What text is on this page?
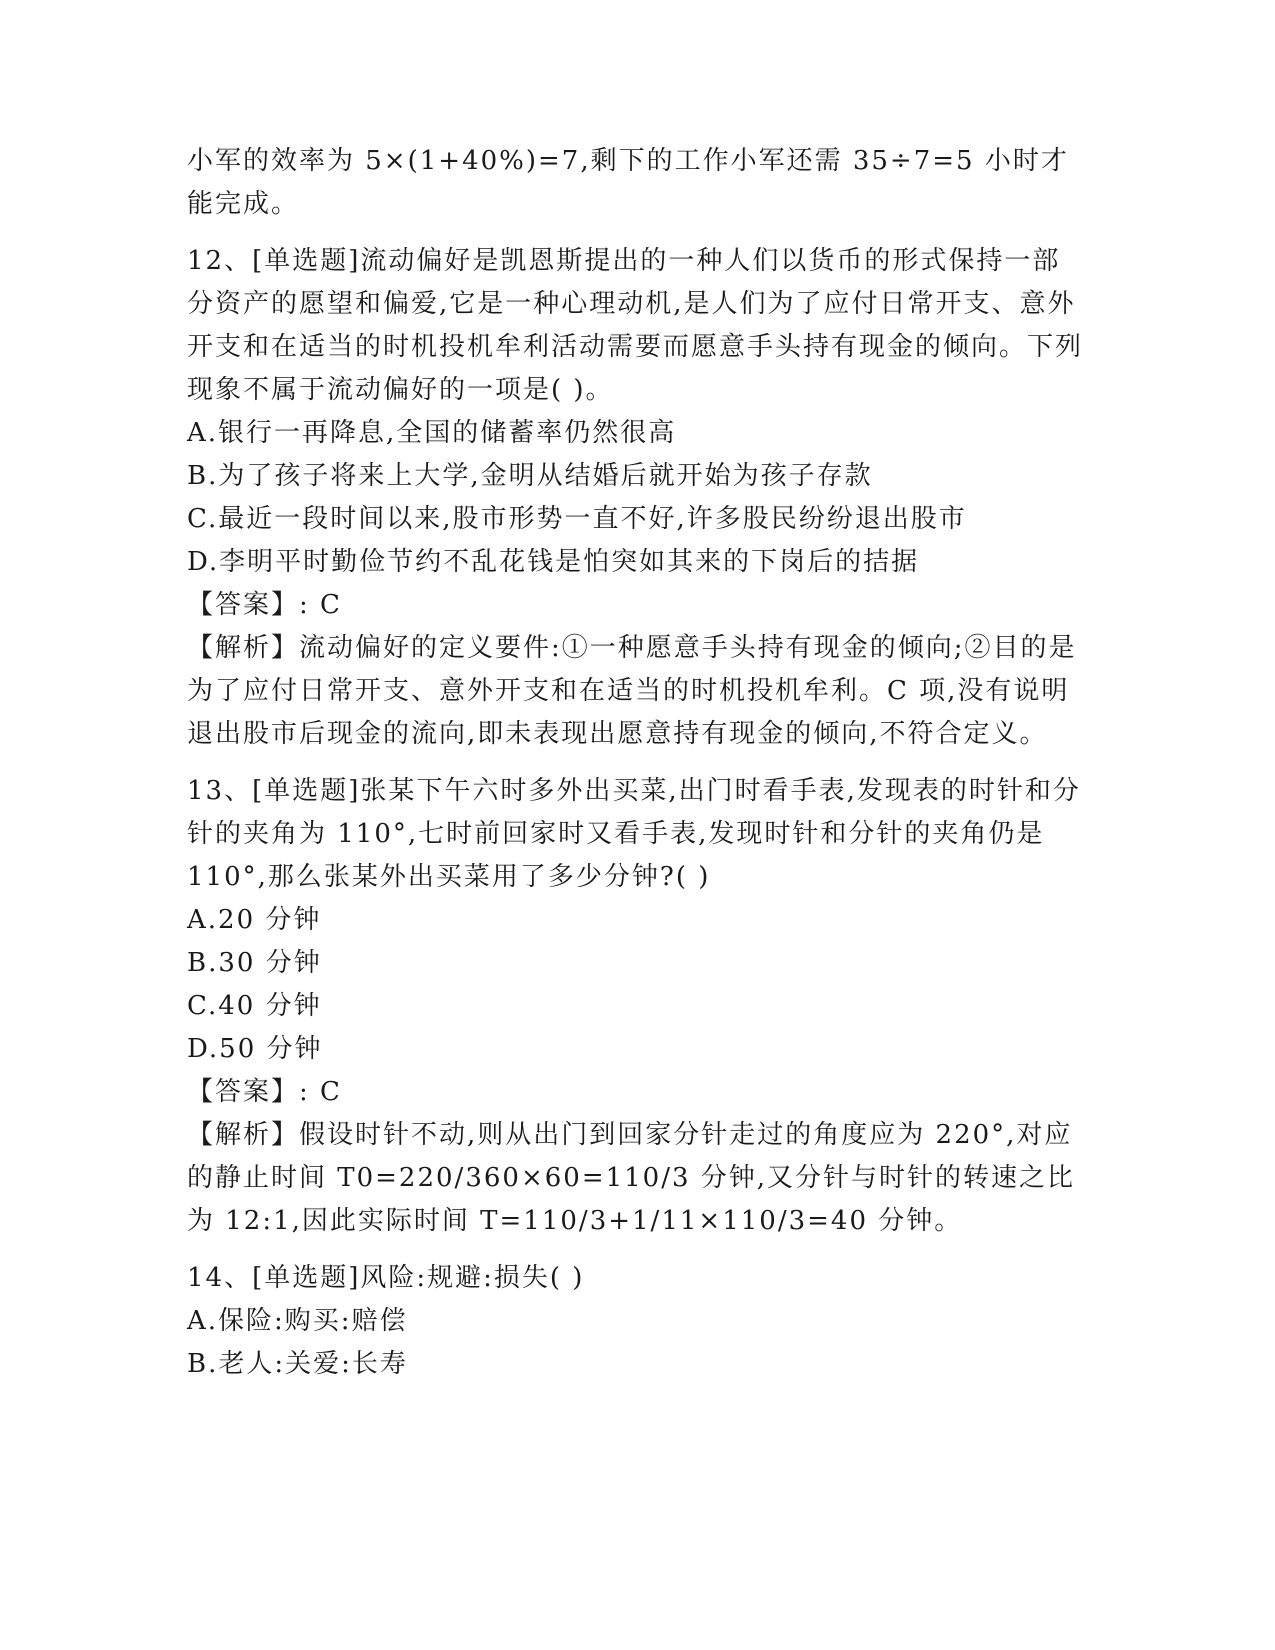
小军的效率为 5×(1+40%)=7,剩下的工作小军还需 35÷7=5 小时才能完成。

12、[单选题]流动偏好是凯恩斯提出的一种人们以货币的形式保持一部分资产的愿望和偏爱,它是一种心理动机,是人们为了应付日常开支、意外开支和在适当的时机投机牟利活动需要而愿意手头持有现金的倾向。下列现象不属于流动偏好的一项是( )。

A.银行一再降息,全国的储蓄率仍然很高

B.为了孩子将来上大学,金明从结婚后就开始为孩子存款

C.最近一段时间以来,股市形势一直不好,许多股民纷纷退出股市

D.李明平时勤俭节约不乱花钱是怕突如其来的下岗后的拮据

【答案】: C

【解析】流动偏好的定义要件:①一种愿意手头持有现金的倾向;②目的是为了应付日常开支、意外开支和在适当的时机投机牟利。C 项,没有说明退出股市后现金的流向,即未表现出愿意持有现金的倾向,不符合定义。

13、[单选题]张某下午六时多外出买菜,出门时看手表,发现表的时针和分针的夹角为 110°,七时前回家时又看手表,发现时针和分针的夹角仍是 110°,那么张某外出买菜用了多少分钟?( )

A.20 分钟

B.30 分钟

C.40 分钟

D.50 分钟

【答案】: C

【解析】假设时针不动,则从出门到回家分针走过的角度应为 220°,对应的静止时间 T0=220/360×60=110/3 分钟,又分针与时针的转速之比为 12:1,因此实际时间 T=110/3+1/11×110/3=40 分钟。

14、[单选题]风险:规避:损失( )

A.保险:购买:赔偿

B.老人:关爱:长寿
